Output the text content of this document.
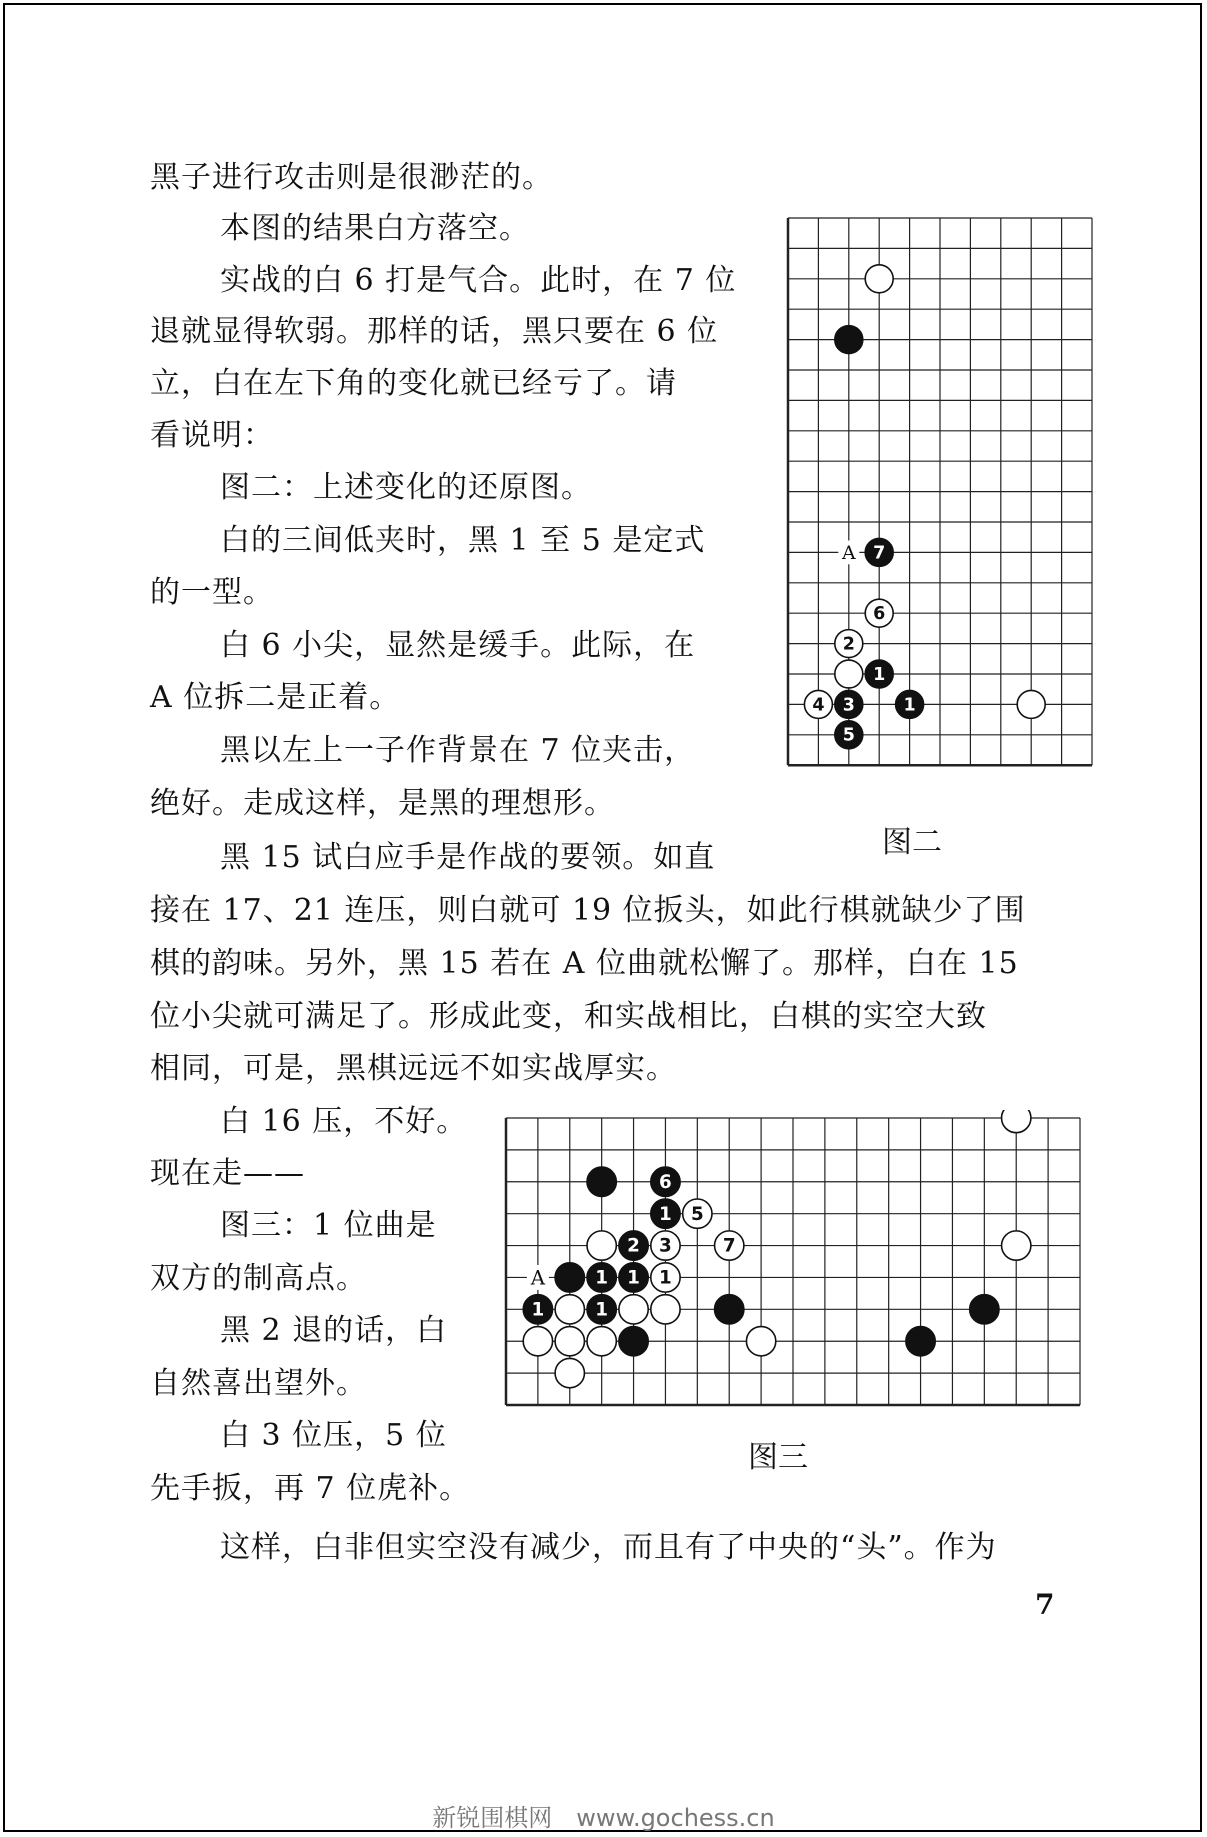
黑子进行攻击则是很渺茫的。
本图的结果白方落空。
实战的白 6 打是气合。此时，在 7 位
退就显得软弱。那样的话，黑只要在 6 位
立，白在左下角的变化就已经亏了。请
看说明：
图二：上述变化的还原图。
白的三间低夹时，黑 1 至 5 是定式
的一型。
白 6 小尖，显然是缓手。此际，在
A 位拆二是正着。
黑以左上一子作背景在 7 位夹击，
绝好。走成这样，是黑的理想形。
黑 15 试白应手是作战的要领。如直
接在 17、21 连压，则白就可 19 位扳头，如此行棋就缺少了围
棋的韵味。另外，黑 15 若在 A 位曲就松懈了。那样，白在 15
位小尖就可满足了。形成此变，和实战相比，白棋的实空大致
相同，可是，黑棋远远不如实战厚实。
白 16 压，不好。
现在走——
图三：1 位曲是
双方的制高点。
黑 2 退的话，白
自然喜出望外。
白 3 位压，5 位
先手扳，再 7 位虎补。
这样，白非但实空没有减少，而且有了中央的“头”。作为
7
6
2
1
4 3	1
5
A
图二
6
1 5
2 3	7
1 1 1
1	1
A
图三
7
新锐围棋网　www.gochess.cn
